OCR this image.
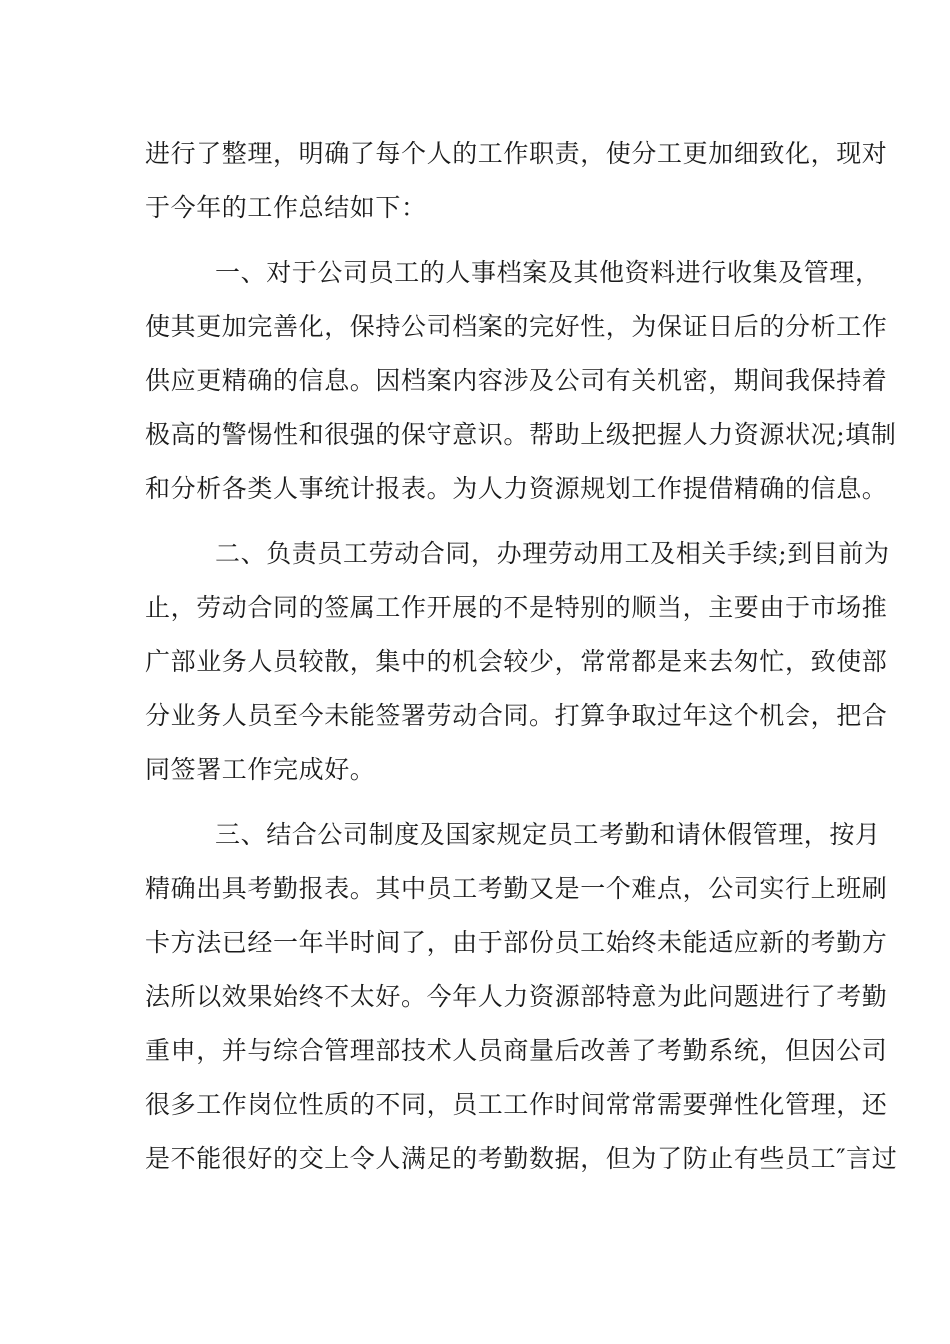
进行了整理，明确了每个人的工作职责，使分工更加细致化，现对
于今年的工作总结如下：
一、对于公司员工的人事档案及其他资料进行收集及管理，
使其更加完善化，保持公司档案的完好性，为保证日后的分析工作
供应更精确的信息。因档案内容涉及公司有关机密，期间我保持着
极高的警惕性和很强的保守意识。帮助上级把握人力资源状况;填制
和分析各类人事统计报表。为人力资源规划工作提借精确的信息。
二、负责员工劳动合同，办理劳动用工及相关手续;到目前为
止，劳动合同的签属工作开展的不是特别的顺当，主要由于市场推
广部业务人员较散，集中的机会较少，常常都是来去匆忙，致使部
分业务人员至今未能签署劳动合同。打算争取过年这个机会，把合
同签署工作完成好。
三、结合公司制度及国家规定员工考勤和请休假管理，按月
精确出具考勤报表。其中员工考勤又是一个难点，公司实行上班刷
卡方法已经一年半时间了，由于部份员工始终未能适应新的考勤方
法所以效果始终不太好。今年人力资源部特意为此问题进行了考勤
重申，并与综合管理部技术人员商量后改善了考勤系统，但因公司
很多工作岗位性质的不同，员工工作时间常常需要弹性化管理，还
是不能很好的交上令人满足的考勤数据，但为了防止有些员工″言过
